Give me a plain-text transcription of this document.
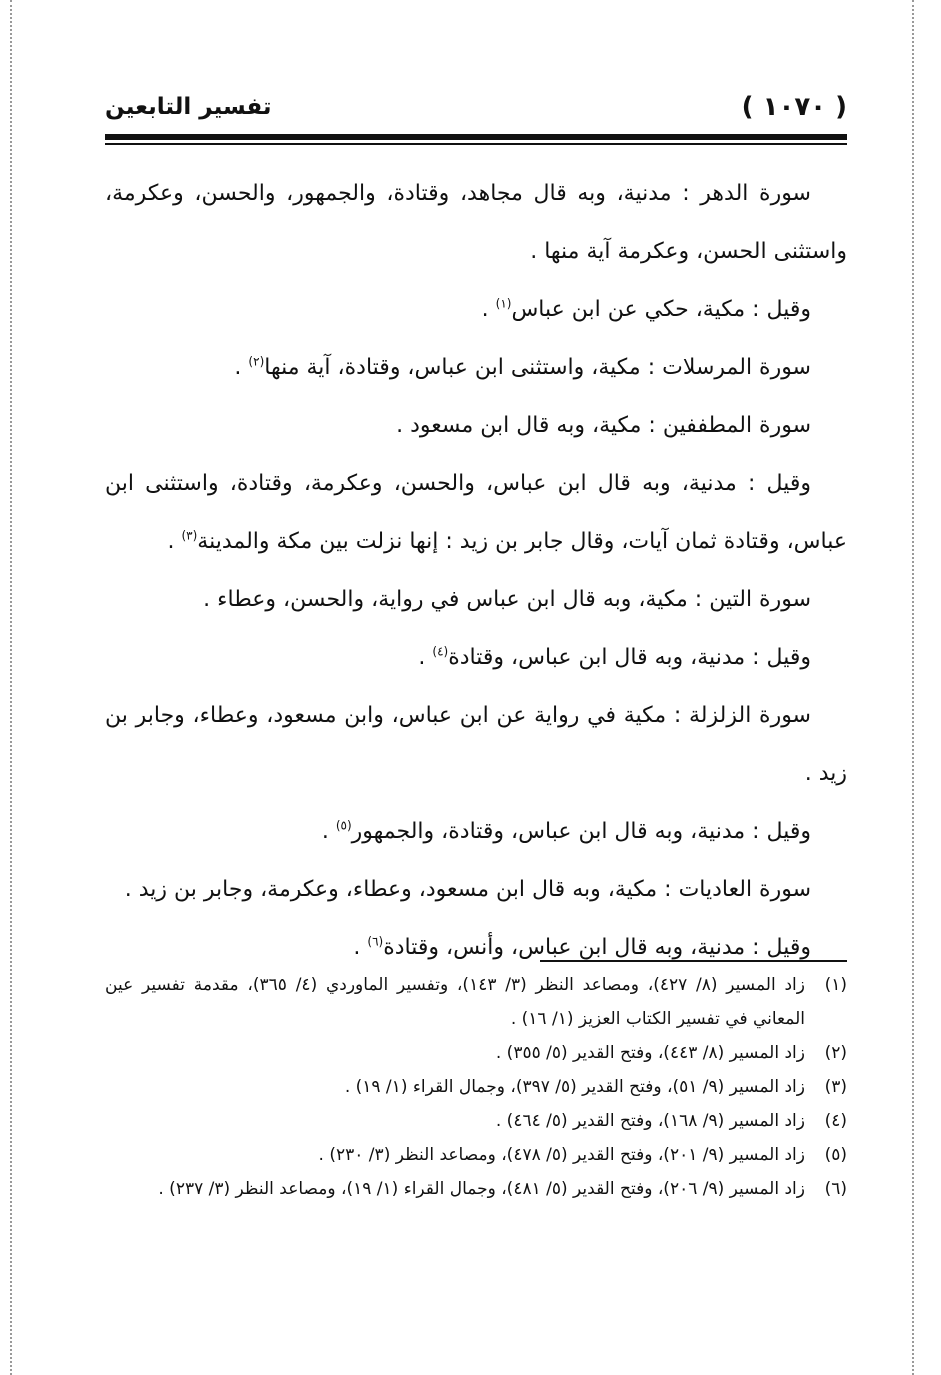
( ١٠٧٠ )
تفسير التابعين

سورة الدهر : مدنية، وبه قال مجاهد، وقتادة، والجمهور، والحسن، وعكرمة، واستثنى الحسن، وعكرمة آية منها .

وقيل : مكية، حكي عن ابن عباس$^{(١)}$ .

سورة المرسلات : مكية، واستثنى ابن عباس، وقتادة، آية منها$^{(٢)}$ .

سورة المطففين : مكية، وبه قال ابن مسعود .

وقيل : مدنية، وبه قال ابن عباس، والحسن، وعكرمة، وقتادة، واستثنى ابن عباس، وقتادة ثمان آيات، وقال جابر بن زيد : إنها نزلت بين مكة والمدينة$^{(٣)}$ .

سورة التين : مكية، وبه قال ابن عباس في رواية، والحسن، وعطاء .

وقيل : مدنية، وبه قال ابن عباس، وقتادة$^{(٤)}$ .

سورة الزلزلة : مكية في رواية عن ابن عباس، وابن مسعود، وعطاء، وجابر بن زيد .

وقيل : مدنية، وبه قال ابن عباس، وقتادة، والجمهور$^{(٥)}$ .

سورة العاديات : مكية، وبه قال ابن مسعود، وعطاء، وعكرمة، وجابر بن زيد .

وقيل : مدنية، وبه قال ابن عباس، وأنس، وقتادة$^{(٦)}$ .

(١)
زاد المسير (٨/ ٤٢٧)، ومصاعد النظر (٣/ ١٤٣)، وتفسير الماوردي (٤/ ٣٦٥)، مقدمة تفسير عين المعاني في تفسير الكتاب العزيز (١/ ١٦) .

(٢)
زاد المسير (٨/ ٤٤٣)، وفتح القدير (٥/ ٣٥٥) .

(٣)
زاد المسير (٩/ ٥١)، وفتح القدير (٥/ ٣٩٧)، وجمال القراء (١/ ١٩) .

(٤)
زاد المسير (٩/ ١٦٨)، وفتح القدير (٥/ ٤٦٤) .

(٥)
زاد المسير (٩/ ٢٠١)، وفتح القدير (٥/ ٤٧٨)، ومصاعد النظر (٣/ ٢٣٠) .

(٦)
زاد المسير (٩/ ٢٠٦)، وفتح القدير (٥/ ٤٨١)، وجمال القراء (١/ ١٩)، ومصاعد النظر (٣/ ٢٣٧) .
